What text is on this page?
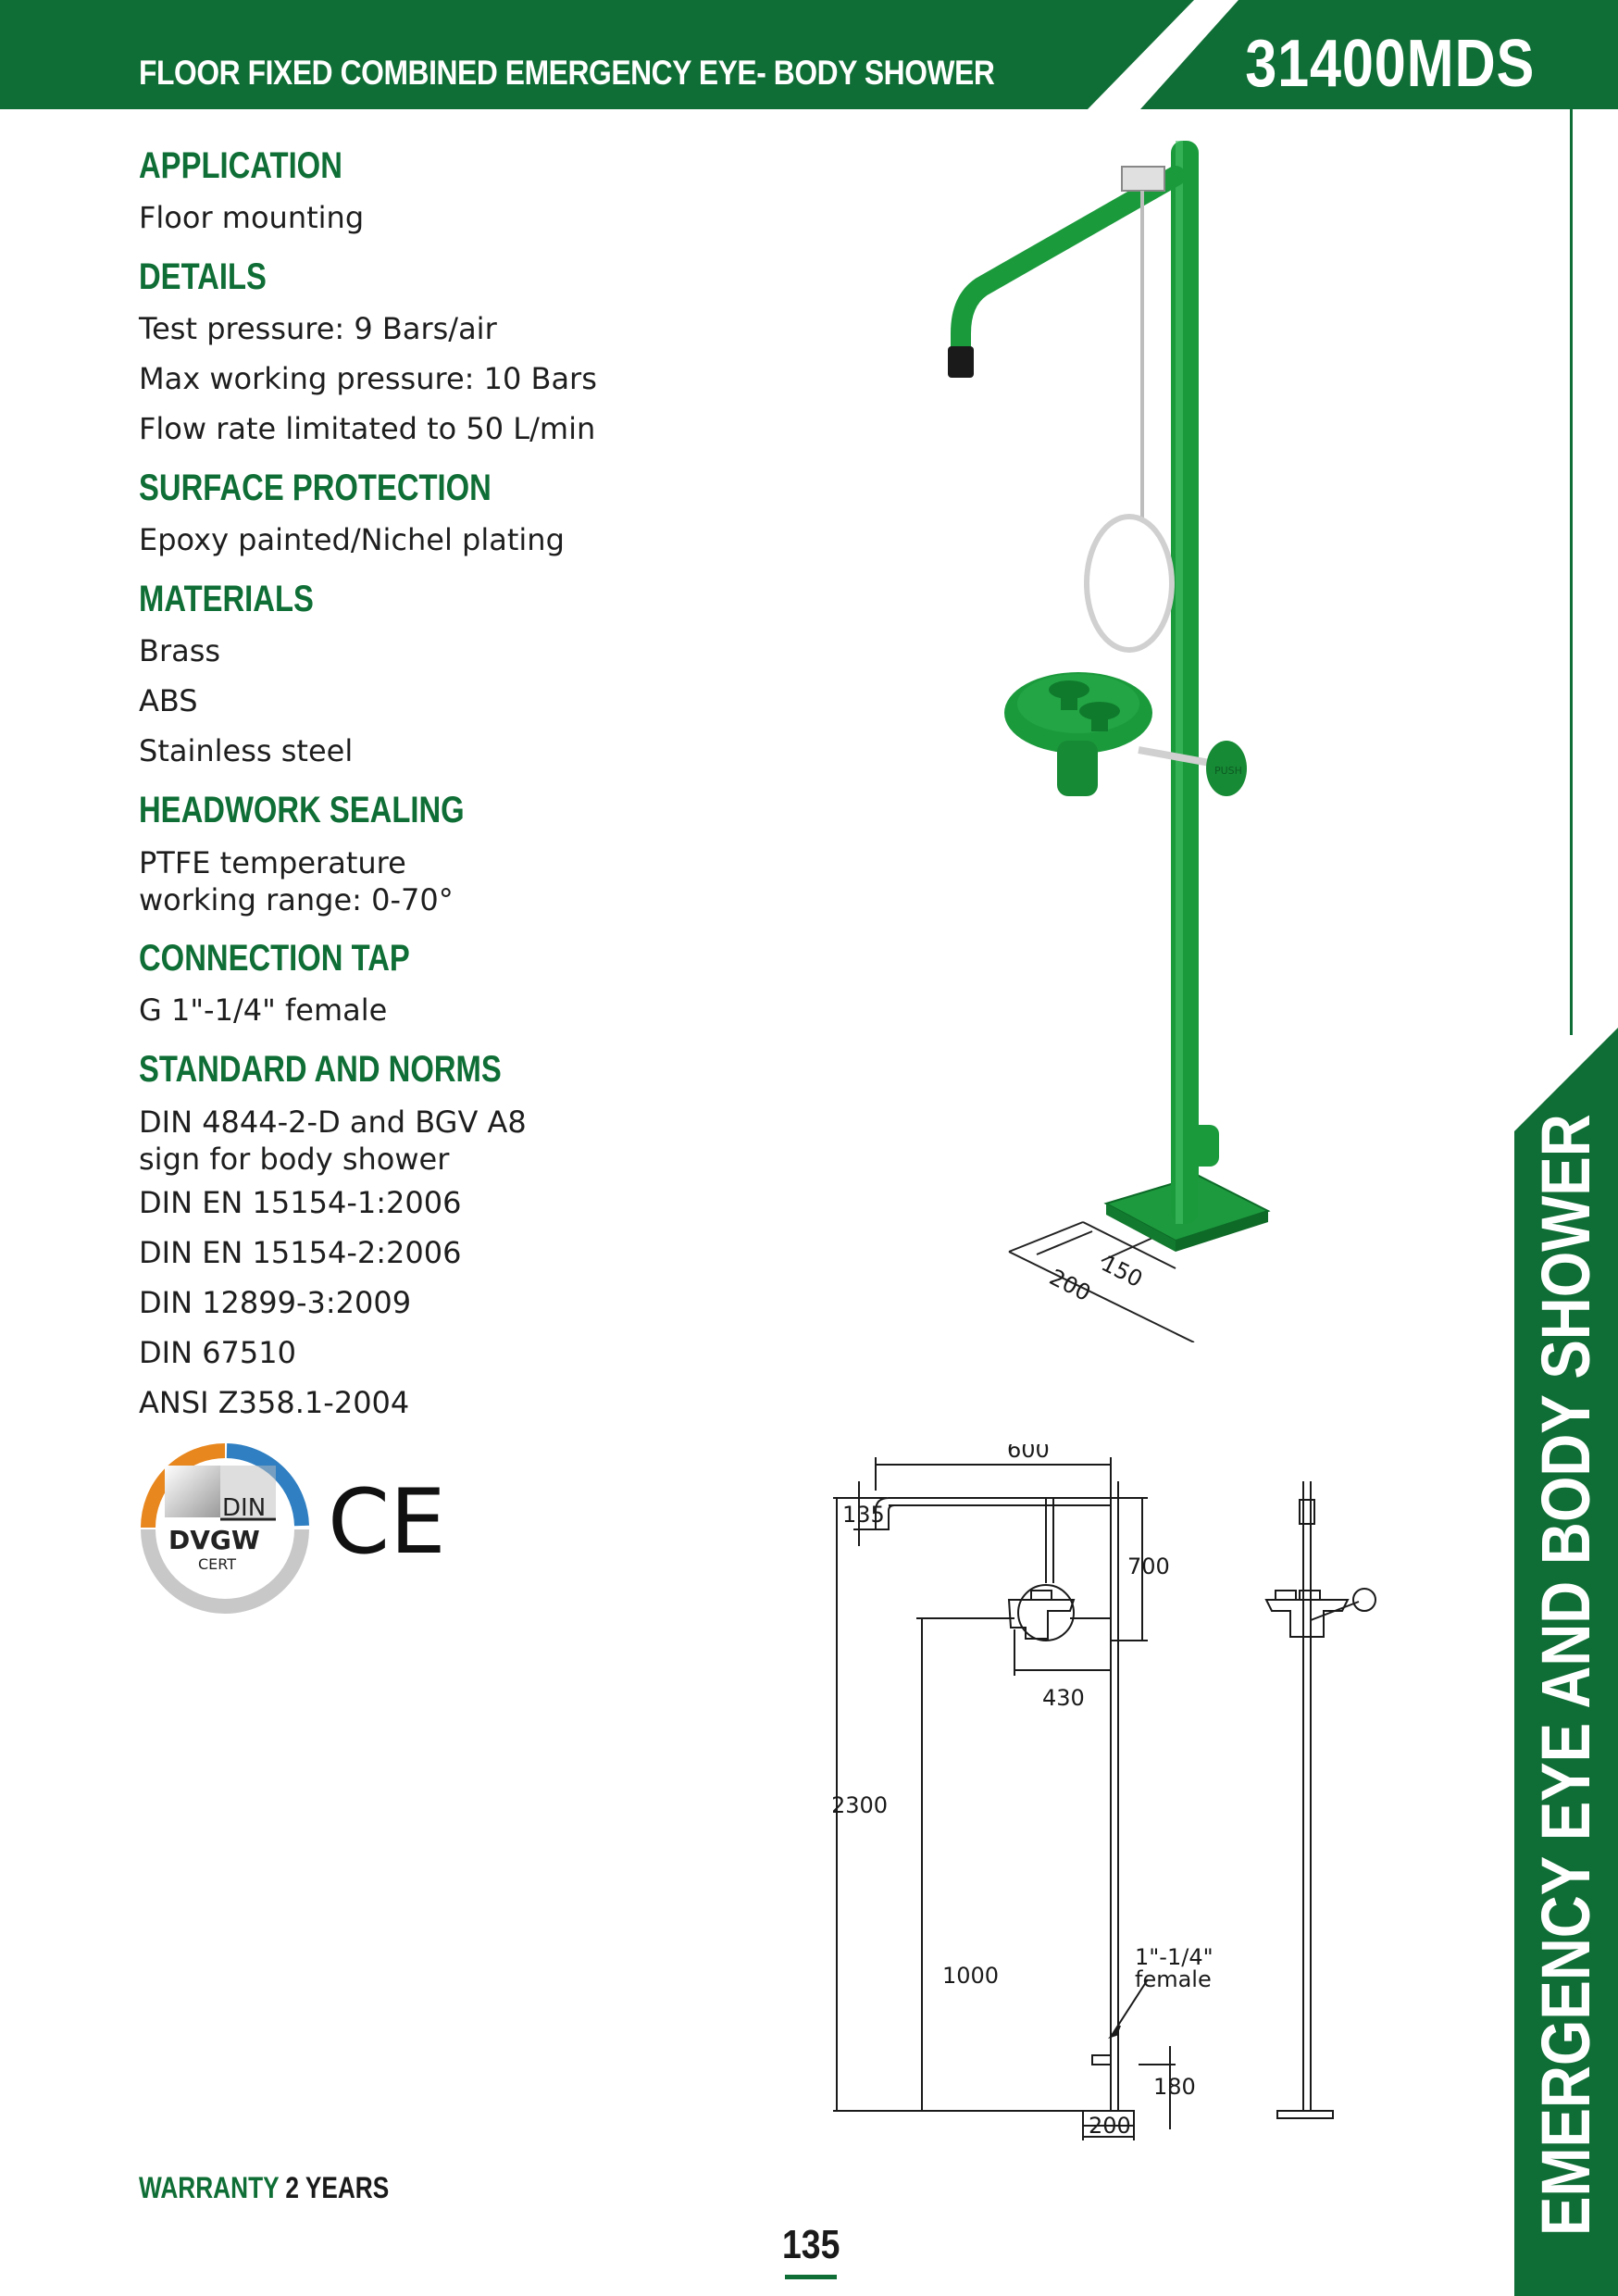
FLOOR FIXED COMBINED EMERGENCY EYE- BODY SHOWER	31400MDS
APPLICATION
Floor mounting
DETAILS
Test pressure: 9 Bars/air
Max working pressure: 10 Bars
Flow rate limitated to 50 L/min
SURFACE PROTECTION
Epoxy painted/Nichel plating
MATERIALS
Brass
ABS
Stainless steel
HEADWORK SEALING
PTFE temperature
working range: 0-70°
CONNECTION TAP
G 1"-1/4" female
STANDARD AND NORMS
DIN 4844-2-D and BGV A8
sign for body shower
DIN EN 15154-1:2006
DIN EN 15154-2:2006
DIN 12899-3:2009
DIN 67510
ANSI Z358.1-2004
DIN
DVGW
CERT CE
150
200
PUSH
600
135
700
2300
430
1000
1"-1/4"
female
180
200
WARRANTY 2 YEARS
135
EMERGENCY EYE AND BODY SHOWER
